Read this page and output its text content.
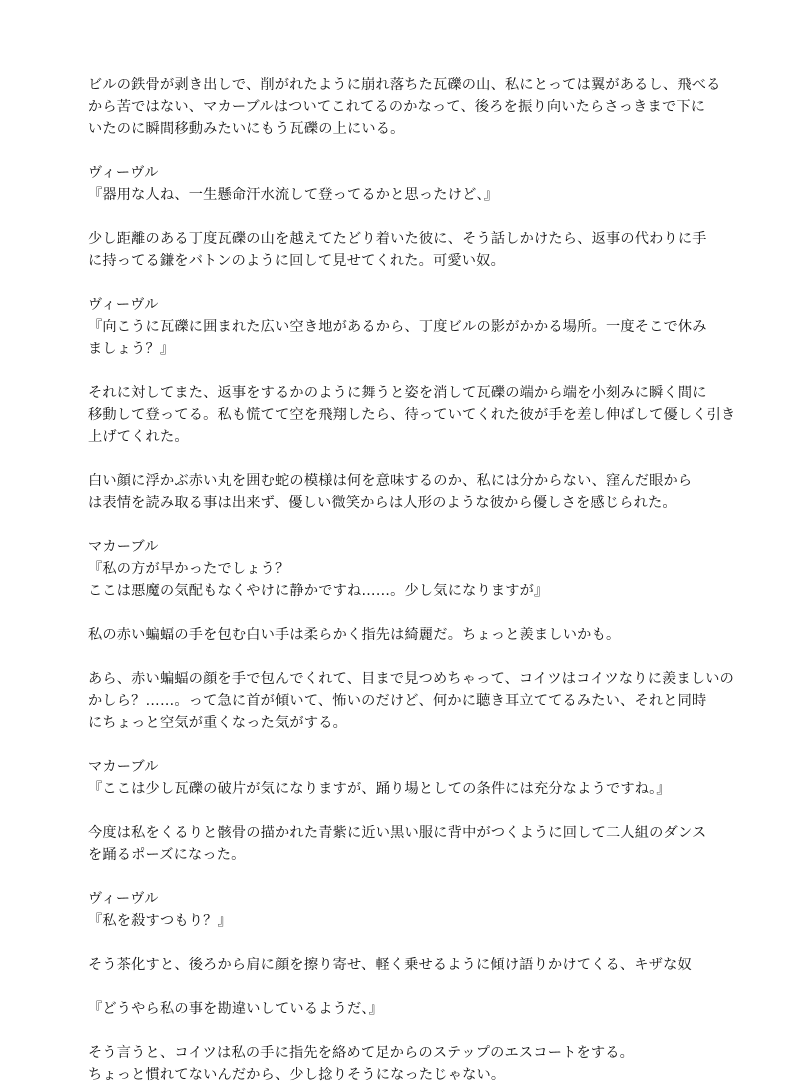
ビルの鉄骨が剥き出しで、削がれたように崩れ落ちた瓦礫の山、私にとっては翼があるし、飛べる
から苦ではない、マカーブルはついてこれてるのかなって、後ろを振り向いたらさっきまで下に
いたのに瞬間移動みたいにもう瓦礫の上にいる。

ヴィーヴル
『器用な人ね、一生懸命汗水流して登ってるかと思ったけど、』

少し距離のある丁度瓦礫の山を越えてたどり着いた彼に、そう話しかけたら、返事の代わりに手
に持ってる鎌をバトンのように回して見せてくれた。可愛い奴。

ヴィーヴル
『向こうに瓦礫に囲まれた広い空き地があるから、丁度ビルの影がかかる場所。一度そこで休み
ましょう？』

それに対してまた、返事をするかのように舞うと姿を消して瓦礫の端から端を小刻みに瞬く間に
移動して登ってる。私も慌てて空を飛翔したら、待っていてくれた彼が手を差し伸ばして優しく引き
上げてくれた。

白い顔に浮かぶ赤い丸を囲む蛇の模様は何を意味するのか、私には分からない、窪んだ眼から
は表情を読み取る事は出来ず、優しい微笑からは人形のような彼から優しさを感じられた。

マカーブル
『私の方が早かったでしょう？
ここは悪魔の気配もなくやけに静かですね……。少し気になりますが』

私の赤い蝙蝠の手を包む白い手は柔らかく指先は綺麗だ。ちょっと羨ましいかも。

あら、赤い蝙蝠の顔を手で包んでくれて、目まで見つめちゃって、コイツはコイツなりに羨ましいの
かしら？……。って急に首が傾いて、怖いのだけど、何かに聴き耳立ててるみたい、それと同時
にちょっと空気が重くなった気がする。

マカーブル
『ここは少し瓦礫の破片が気になりますが、踊り場としての条件には充分なようですね。』

今度は私をくるりと骸骨の描かれた青紫に近い黒い服に背中がつくように回して二人組のダンス
を踊るポーズになった。

ヴィーヴル
『私を殺すつもり？』

そう茶化すと、後ろから肩に顔を擦り寄せ、軽く乗せるように傾け語りかけてくる、キザな奴

『どうやら私の事を勘違いしているようだ、』

そう言うと、コイツは私の手に指先を絡めて足からのステップのエスコートをする。
ちょっと慣れてないんだから、少し捻りそうになったじゃない。
